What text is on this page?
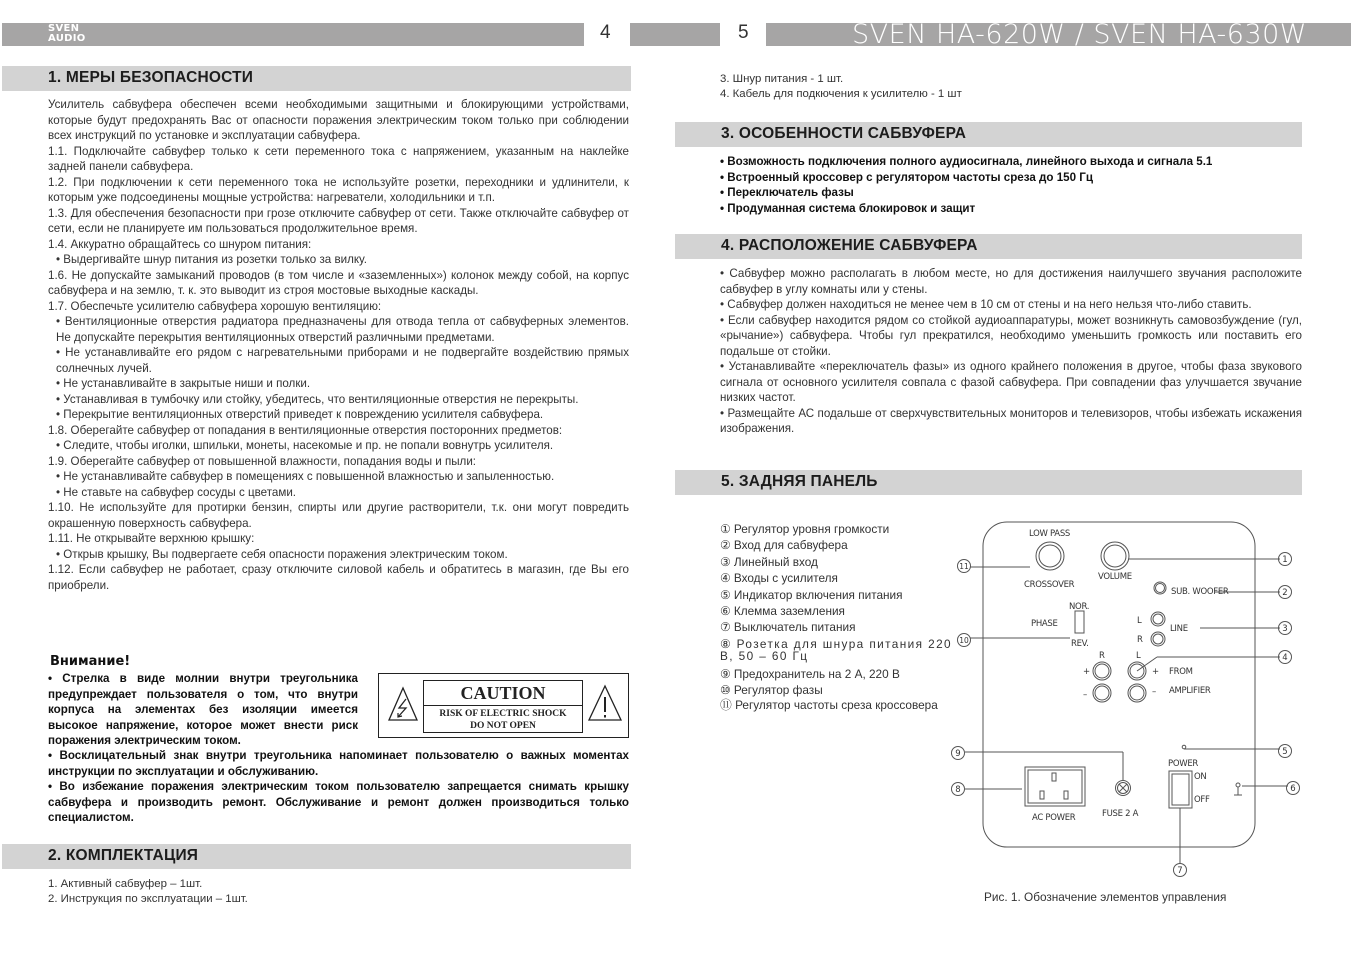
SVEN
AUDIO	4	5	SVEN HA-620W / SVEN HA-630W
1. МЕРЫ БЕЗОПАСНОСТИ

Усилитель сабвуфера обеспечен всеми необходимыми защитными и блокирующими устройствами, которые будут предохранять Вас от опасности поражения электрическим током только при соблюдении всех инструкций по установке и эксплуатации сабвуфера.

1.1. Подключайте сабвуфер только к сети переменного тока с напряжением, указанным на наклейке задней панели сабвуфера.

1.2. При подключении к сети переменного тока не используйте розетки, переходники и удлинители, к которым уже подсоединены мощные устройства: нагреватели, холодильники и т.п.

1.3. Для обеспечения безопасности при грозе отключите сабвуфер от сети. Также отключайте сабвуфер от сети, если не планируете им пользоваться продолжительное время.

1.4. Аккуратно обращайтесь со шнуром питания:

• Выдергивайте шнур питания из розетки только за вилку.

1.6. Не допускайте замыканий проводов (в том числе и «заземленных») колонок между собой, на корпус сабвуфера и на землю, т. к. это выводит из строя мостовые выходные каскады.

1.7. Обеспечьте усилителю сабвуфера хорошую вентиляцию:

• Вентиляционные отверстия радиатора предназначены для отвода тепла от сабвуферных элементов. Не допускайте перекрытия вентиляционных отверстий различными предметами.

• Не устанавливайте его рядом с нагревательными приборами и не подвергайте воздействию прямых солнечных лучей.

• Не устанавливайте в закрытые ниши и полки.

• Устанавливая в тумбочку или стойку, убедитесь, что вентиляционные отверстия не перекрыты.

• Перекрытие вентиляционных отверстий приведет к повреждению усилителя сабвуфера.

1.8. Оберегайте сабвуфер от попадания в вентиляционные отверстия посторонних предметов:

• Следите, чтобы иголки, шпильки, монеты, насекомые и пр. не попали вовнутрь усилителя.

1.9. Оберегайте сабвуфер от повышенной влажности, попадания воды и пыли:

• Не устанавливайте сабвуфер в помещениях с повышенной влажностью и запыленностью.

• Не ставьте на сабвуфер сосуды с цветами.

1.10. Не используйте для протирки бензин, спирты или другие растворители, т.к. они могут повредить окрашенную поверхность сабвуфера.

1.11. Не открывайте верхнюю крышку:

• Открыв крышку, Вы подвергаете себя опасности поражения электрическим током.

1.12. Если сабвуфер не работает, сразу отключите силовой кабель и обратитесь в магазин, где Вы его приобрели.

Внимание!

• Стрелка в виде молнии внутри треугольника предупреждает пользователя о том, что внутри корпуса на элементах без изоляции имеется высокое напряжение, которое может внести риск поражения электрическим током.

CAUTION
RISK OF ELECTRIC SHOCK
DO NOT OPEN

• Восклицательный знак внутри треугольника напоминает пользователю о важных моментах инструкции по эксплуатации и обслуживанию.

• Во избежание поражения электрическим током пользователю запрещается снимать крышку сабвуфера и производить ремонт. Обслуживание и ремонт должен производиться только специалистом.

2. КОМПЛЕКТАЦИЯ
1. Активный сабвуфер – 1шт.
2. Инструкция по эксплуатации – 1шт.
3. Шнур питания - 1 шт.
4. Кабель для подкючения к усилителю - 1 шт
3. ОСОБЕННОСТИ САБВУФЕРА

• Возможность подключения полного аудиосигнала, линейного выхода и сигнала 5.1

• Встроенный кроссовер с регулятором частоты среза до 150 Гц

• Переключатель фазы

• Продуманная система блокировок и защит

4. РАСПОЛОЖЕНИЕ САБВУФЕРА

• Сабвуфер можно располагать в любом месте, но для достижения наилучшего звучания расположите сабвуфер в углу комнаты или у стены.

• Сабвуфер должен находиться не менее чем в 10 см от стены и на него нельзя что-либо ставить.

• Если сабвуфер находится рядом со стойкой аудиоаппаратуры, может возникнуть самовозбуждение (гул, «рычание») сабвуфера. Чтобы гул прекратился, необходимо уменьшить громкость или поставить его подальше от стойки.

• Устанавливайте «переключатель фазы» из одного крайнего положения в другое, чтобы фаза звукового сигнала от основного усилителя совпала с фазой сабвуфера. При совпадении фаз улучшается звучание низких частот.

• Размещайте АС подальше от сверхчувствительных мониторов и телевизоров, чтобы избежать искажения изображения.

5. ЗАДНЯЯ ПАНЕЛЬ

① Регулятор уровня громкости

② Вход для сабвуфера

③ Линейный вход

④ Входы с усилителя

⑤ Индикатор включения питания

⑥ Клемма заземления

⑦ Выключатель питания

⑧ Розетка для шнура питания 220 В, 50 – 60 Гц

⑨ Предохранитель на 2 А, 220 В

⑩ Регулятор фазы

⑪ Регулятор частоты среза кроссовера

1
2
3
4
5
6
7
8
9
10
11
LOW PASS
CROSSOVER
VOLUME
SUB. WOOFER
NOR.
PHASE
REV.
L
R
LINE
R	L
+	+
–	–
FROM
AMPLIFIER
POWER
ON
OFF
AC POWER	FUSE 2 A
Рис. 1. Обозначение элементов управления
